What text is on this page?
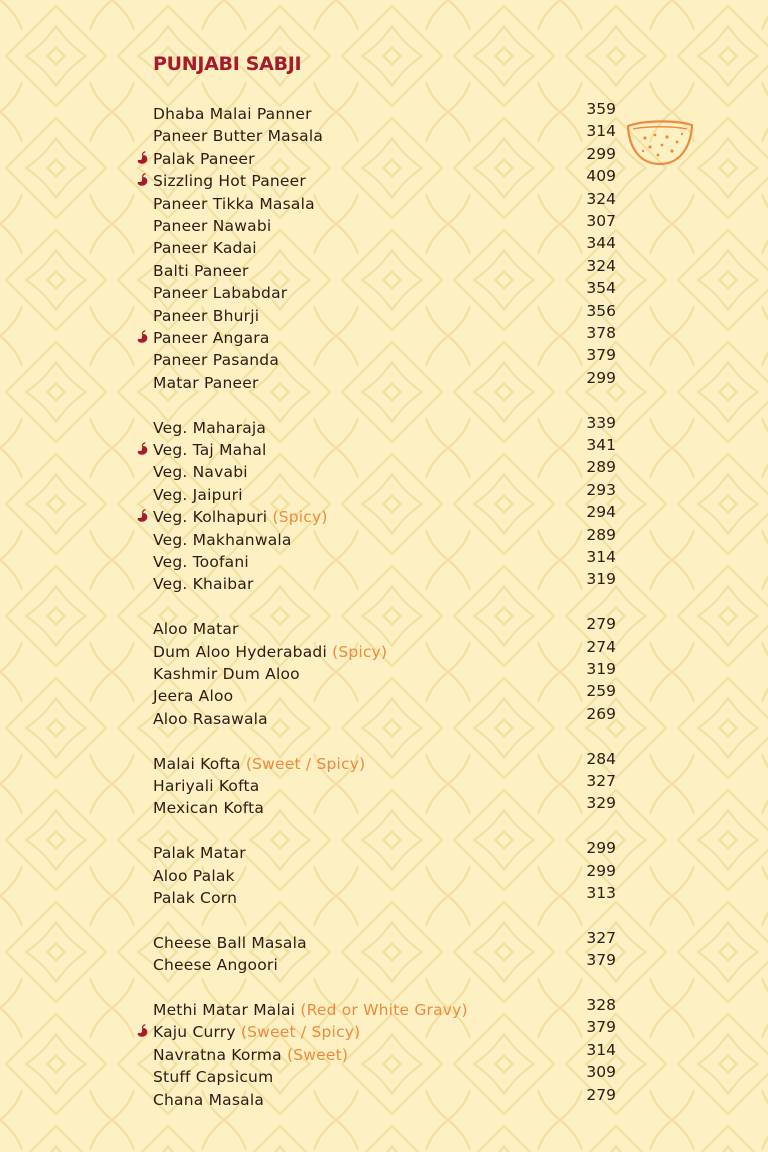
PUNJABI SABJI
Dhaba Malai Panner	359
Paneer Butter Masala	314
Palak Paneer	299
Sizzling Hot Paneer	409
Paneer Tikka Masala	324
Paneer Nawabi	307
Paneer Kadai	344
Balti Paneer	324
Paneer Lababdar	354
Paneer Bhurji	356
Paneer Angara	378
Paneer Pasanda	379
Matar Paneer	299
Veg. Maharaja	339
Veg. Taj Mahal	341
Veg. Navabi	289
Veg. Jaipuri	293
Veg. Kolhapuri (Spicy)	294
Veg. Makhanwala	289
Veg. Toofani	314
Veg. Khaibar	319
Aloo Matar	279
Dum Aloo Hyderabadi (Spicy)	274
Kashmir Dum Aloo	319
Jeera Aloo	259
Aloo Rasawala	269
Malai Kofta (Sweet / Spicy)	284
Hariyali Kofta	327
Mexican Kofta	329
Palak Matar	299
Aloo Palak	299
Palak Corn	313
Cheese Ball Masala	327
Cheese Angoori	379
Methi Matar Malai (Red or White Gravy)	328
Kaju Curry (Sweet / Spicy)	379
Navratna Korma (Sweet)	314
Stuff Capsicum	309
Chana Masala	279
